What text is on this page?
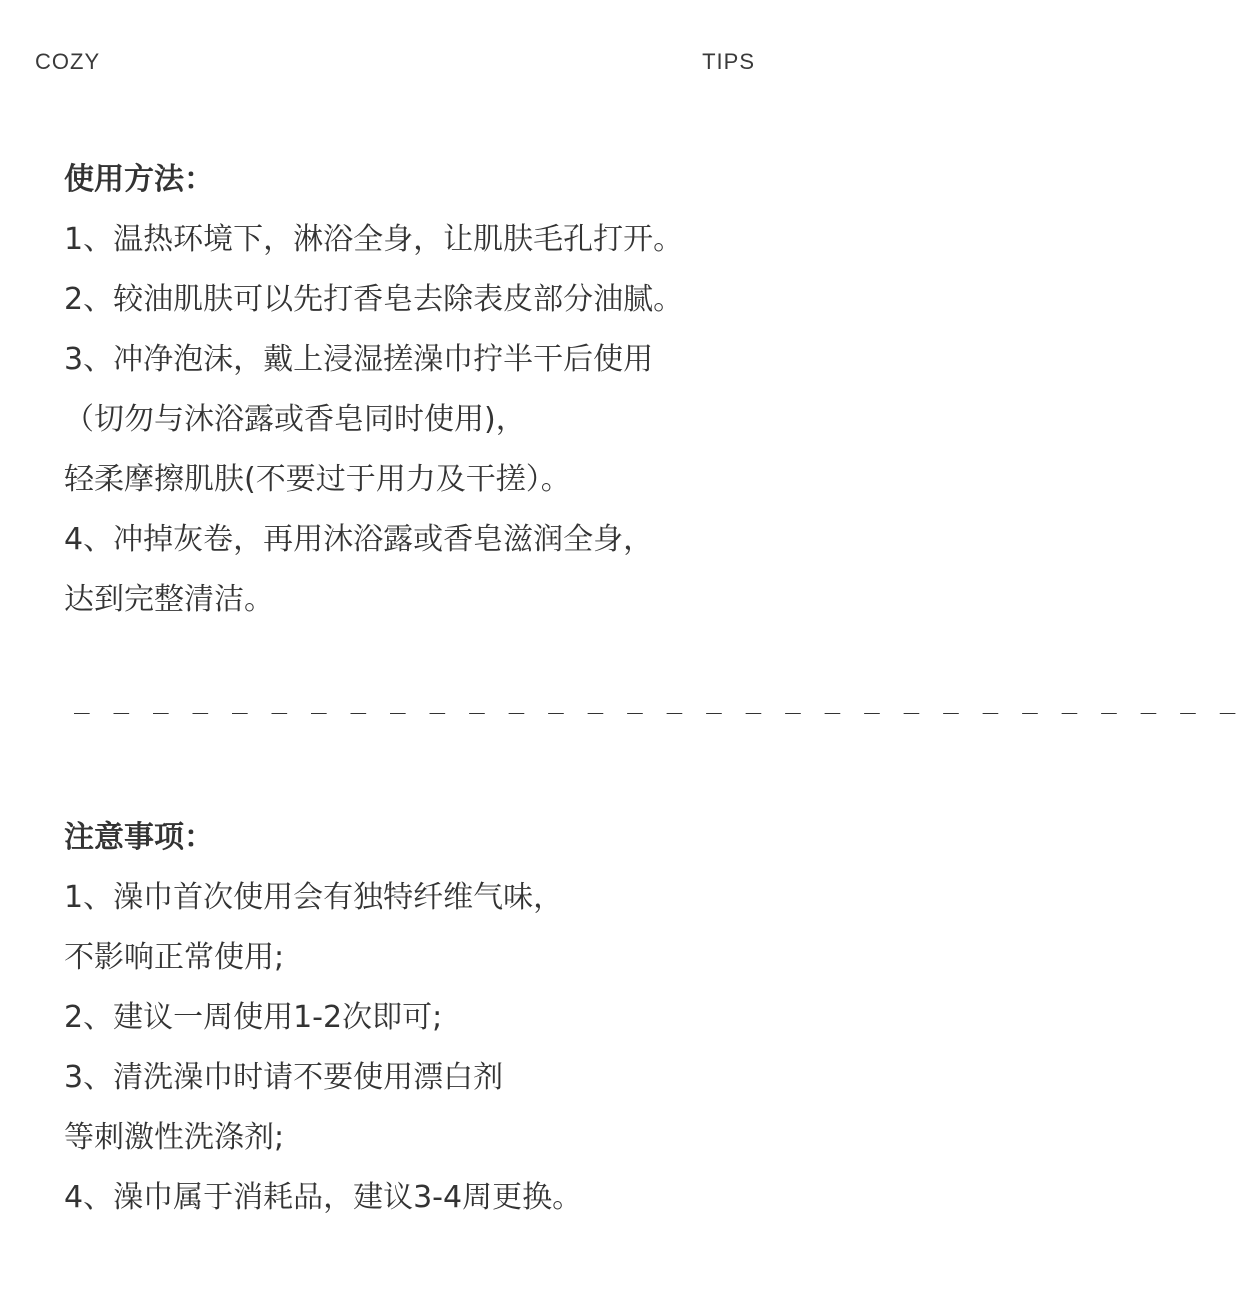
COZY	TIPS
使用方法：
1、温热环境下，淋浴全身，让肌肤毛孔打开。
2、较油肌肤可以先打香皂去除表皮部分油腻。
3、冲净泡沫，戴上浸湿搓澡巾拧半干后使用
（切勿与沐浴露或香皂同时使用)，
轻柔摩擦肌肤(不要过于用力及干搓）。
4、冲掉灰卷，再用沐浴露或香皂滋润全身，
达到完整清洁。
_ _ _ _ _ _ _ _ _ _ _ _ _ _ _ _ _ _ _ _ _ _ _ _ _ _ _ _ _ _
注意事项：
1、澡巾首次使用会有独特纤维气味，
不影响正常使用;
2、建议一周使用1-2次即可;
3、清洗澡巾时请不要使用漂白剂
等刺激性洗涤剂;
4、澡巾属于消耗品，建议3-4周更换。
